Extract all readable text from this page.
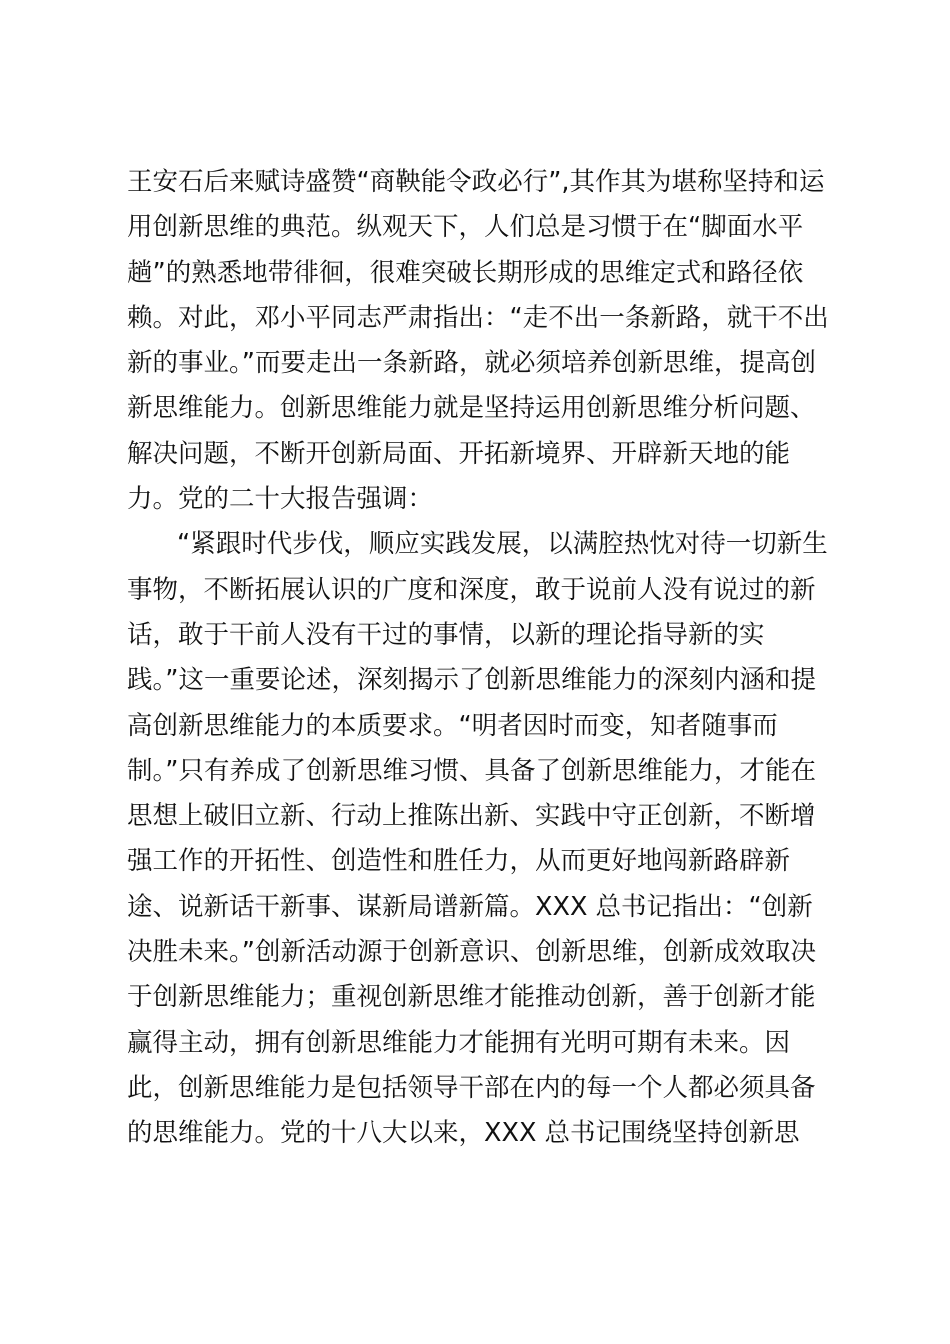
王安石后来赋诗盛赞“商鞅能令政必行”,其作其为堪称坚持和运
用创新思维的典范。纵观天下，人们总是习惯于在“脚面水平
趟”的熟悉地带徘徊，很难突破长期形成的思维定式和路径依
赖。对此，邓小平同志严肃指出：“走不出一条新路，就干不出
新的事业。”而要走出一条新路，就必须培养创新思维，提高创
新思维能力。创新思维能力就是坚持运用创新思维分析问题、
解决问题，不断开创新局面、开拓新境界、开辟新天地的能
力。党的二十大报告强调：
“紧跟时代步伐，顺应实践发展，以满腔热忱对待一切新生
事物，不断拓展认识的广度和深度，敢于说前人没有说过的新
话，敢于干前人没有干过的事情，以新的理论指导新的实
践。”这一重要论述，深刻揭示了创新思维能力的深刻内涵和提
高创新思维能力的本质要求。“明者因时而变，知者随事而
制。”只有养成了创新思维习惯、具备了创新思维能力，才能在
思想上破旧立新、行动上推陈出新、实践中守正创新，不断增
强工作的开拓性、创造性和胜任力，从而更好地闯新路辟新
途、说新话干新事、谋新局谱新篇。XXX 总书记指出：“创新
决胜未来。”创新活动源于创新意识、创新思维，创新成效取决
于创新思维能力；重视创新思维才能推动创新，善于创新才能
赢得主动，拥有创新思维能力才能拥有光明可期有未来。因
此，创新思维能力是包括领导干部在内的每一个人都必须具备
的思维能力。党的十八大以来，XXX 总书记围绕坚持创新思
